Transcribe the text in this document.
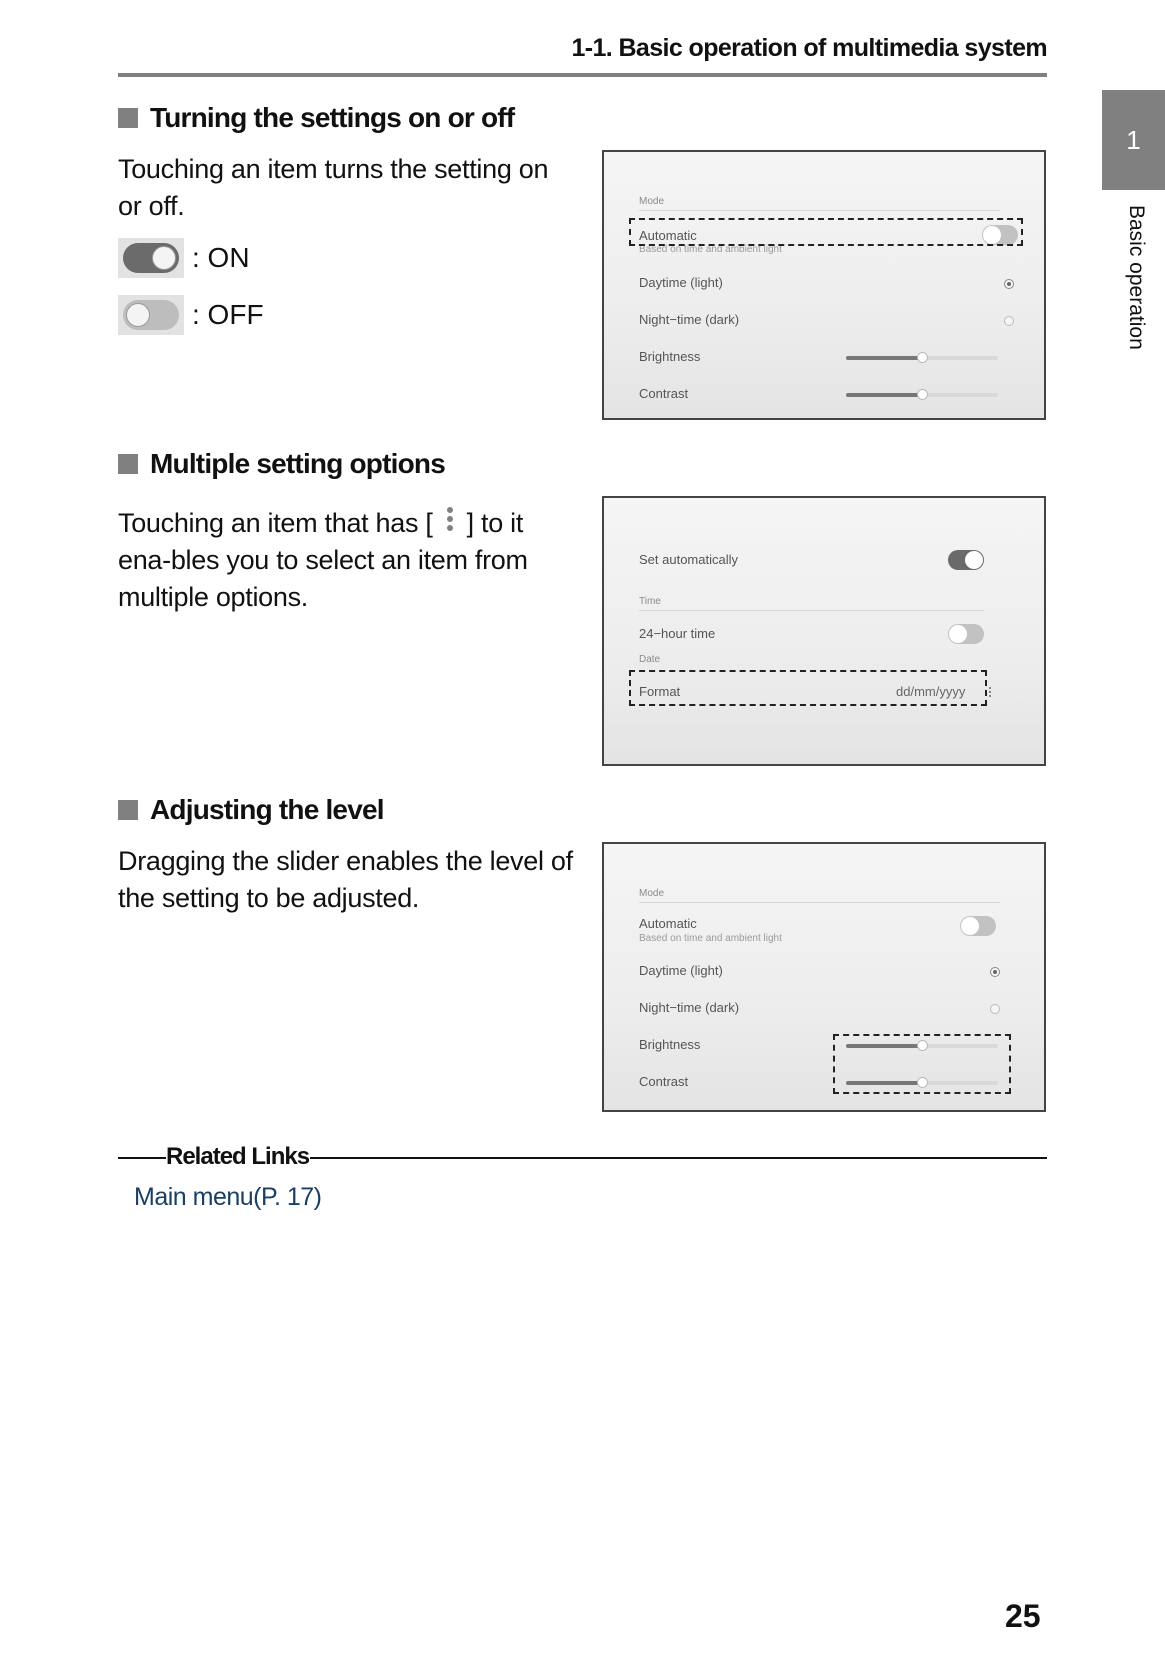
1-1. Basic operation of multimedia system
1
Basic operation
Turning the settings on or off
Touching an item turns the setting on or off.
: ON
: OFF
Mode
Automatic
Based on time and ambient light
Daytime (light)
Night−time (dark)
Brightness
Contrast
Multiple setting options
Touching an item that has [ ] to it ena-bles you to select an item from multiple options.
Set automatically
Time
24−hour time
Date
Format	dd/mm/yyyy
Adjusting the level
Dragging the slider enables the level of the setting to be adjusted.	Mode
Automatic
Based on time and ambient light
Daytime (light)
Night−time (dark)
Brightness
Contrast
Related Links
Main menu(P. 17)
25
